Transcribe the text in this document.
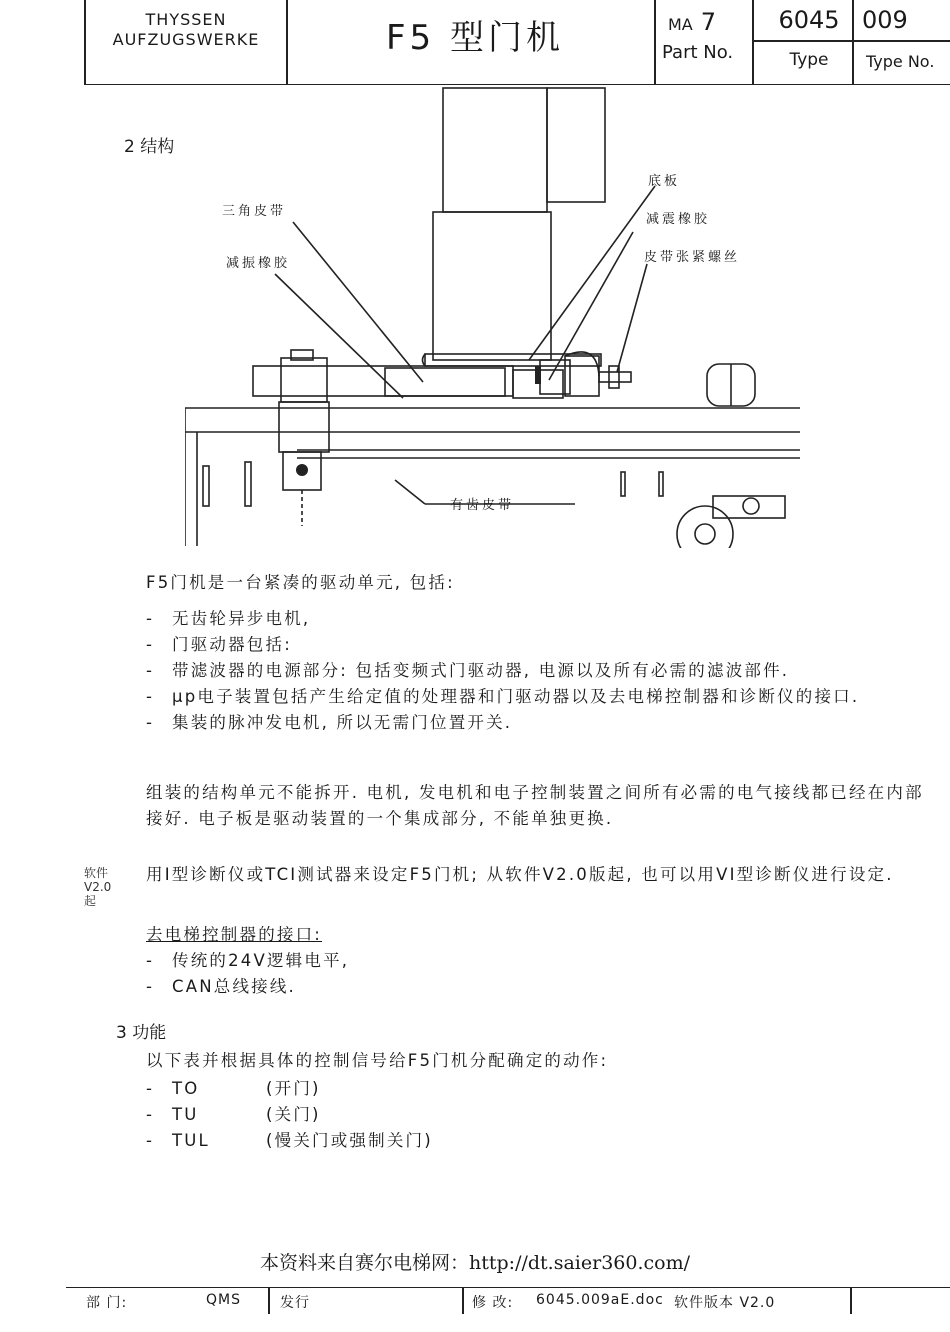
THYSSEN
AUFZUGSWERKE	F5 型门机	MA 7
Part No.
6045
Type
009
Type No.
2 结构
三角皮带
减振橡胶
底板
减震橡胶
皮带张紧螺丝
有齿皮带
F5门机是一台紧凑的驱动单元, 包括:
- 无齿轮异步电机,
- 门驱动器包括:
-	带滤波器的电源部分: 包括变频式门驱动器, 电源以及所有必需的滤波部件.
-	μp电子装置包括产生给定值的处理器和门驱动器以及去电梯控制器和诊断仪的接口.
- 集装的脉冲发电机, 所以无需门位置开关.
组装的结构单元不能拆开. 电机, 发电机和电子控制装置之间所有必需的电气接线都已经在内部接好. 电子板是驱动装置的一个集成部分, 不能单独更换.
软件
V2.0
起
用I型诊断仪或TCI测试器来设定F5门机; 从软件V2.0版起, 也可以用VI型诊断仪进行设定.
去电梯控制器的接口:
- 传统的24V逻辑电平,
- CAN总线接线.
3 功能
以下表并根据具体的控制信号给F5门机分配确定的动作:
- TO	(开门)
- TU	(关门)
- TUL	(慢关门或强制关门)
本资料来自赛尔电梯网：http://dt.saier360.com/
部 门:	QMS	发行	修 改: 6045.009aE.doc 软件版本 V2.0
